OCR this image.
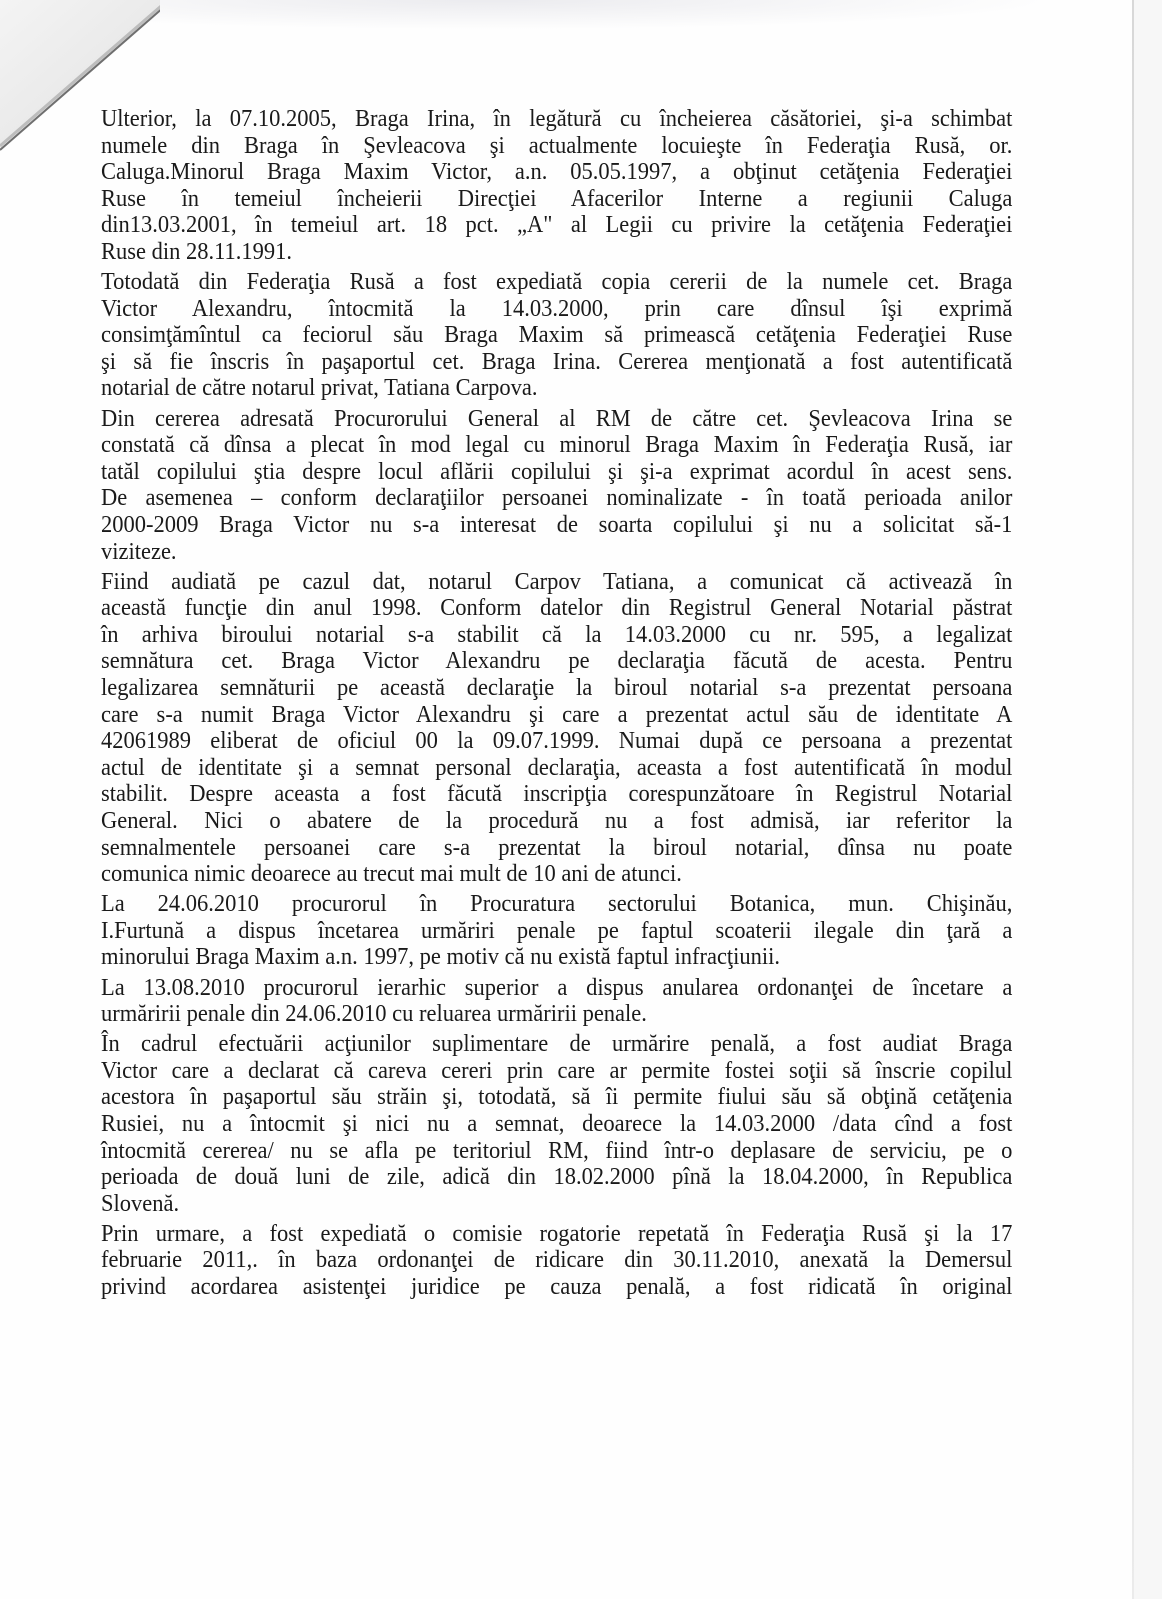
Ulterior, la 07.10.2005, Braga Irina, în legătură cu încheierea căsătoriei, şi-a schimbat
numele din Braga în Şevleacova şi actualmente locuieşte în Federaţia Rusă, or.
Caluga.Minorul Braga Maxim Victor, a.n. 05.05.1997, a obţinut cetăţenia Federaţiei
Ruse în temeiul încheierii Direcţiei Afacerilor Interne a regiunii Caluga
din13.03.2001, în temeiul art. 18 pct. „A" al Legii cu privire la cetăţenia Federaţiei
Ruse din 28.11.1991.
Totodată din Federaţia Rusă a fost expediată copia cererii de la numele cet. Braga
Victor Alexandru, întocmită la 14.03.2000, prin care dînsul îşi exprimă
consimţămîntul ca feciorul său Braga Maxim să primească cetăţenia Federaţiei Ruse
şi să fie înscris în paşaportul cet. Braga Irina. Cererea menţionată a fost autentificată
notarial de către notarul privat, Tatiana Carpova.
Din cererea adresată Procurorului General al RM de către cet. Şevleacova Irina se
constată că dînsa a plecat în mod legal cu minorul Braga Maxim în Federaţia Rusă, iar
tatăl copilului ştia despre locul aflării copilului şi şi-a exprimat acordul în acest sens.
De asemenea – conform declaraţiilor persoanei nominalizate - în toată perioada anilor
2000-2009 Braga Victor nu s-a interesat de soarta copilului şi nu a solicitat să-1
viziteze.
Fiind audiată pe cazul dat, notarul Carpov Tatiana, a comunicat că activează în
această funcţie din anul 1998. Conform datelor din Registrul General Notarial păstrat
în arhiva biroului notarial s-a stabilit că la 14.03.2000 cu nr. 595, a legalizat
semnătura cet. Braga Victor Alexandru pe declaraţia făcută de acesta. Pentru
legalizarea semnăturii pe această declaraţie la biroul notarial s-a prezentat persoana
care s-a numit Braga Victor Alexandru şi care a prezentat actul său de identitate A
42061989 eliberat de oficiul 00 la 09.07.1999. Numai după ce persoana a prezentat
actul de identitate şi a semnat personal declaraţia, aceasta a fost autentificată în modul
stabilit. Despre aceasta a fost făcută inscripţia corespunzătoare în Registrul Notarial
General. Nici o abatere de la procedură nu a fost admisă, iar referitor la
semnalmentele persoanei care s-a prezentat la biroul notarial, dînsa nu poate
comunica nimic deoarece au trecut mai mult de 10 ani de atunci.
La 24.06.2010 procurorul în Procuratura sectorului Botanica, mun. Chişinău,
I.Furtună a dispus încetarea urmăriri penale pe faptul scoaterii ilegale din ţară a
minorului Braga Maxim a.n. 1997, pe motiv că nu există faptul infracţiunii.
La 13.08.2010 procurorul ierarhic superior a dispus anularea ordonanţei de încetare a
urmăririi penale din 24.06.2010 cu reluarea urmăririi penale.
În cadrul efectuării acţiunilor suplimentare de urmărire penală, a fost audiat Braga
Victor care a declarat că careva cereri prin care ar permite fostei soţii să înscrie copilul
acestora în paşaportul său străin şi, totodată, să îi permite fiului său să obţină cetăţenia
Rusiei, nu a întocmit şi nici nu a semnat, deoarece la 14.03.2000 /data cînd a fost
întocmită cererea/ nu se afla pe teritoriul RM, fiind într-o deplasare de serviciu, pe o
perioada de două luni de zile, adică din 18.02.2000 pînă la 18.04.2000, în Republica
Slovenă.
Prin urmare, a fost expediată o comisie rogatorie repetată în Federaţia Rusă şi la 17
februarie 2011,. în baza ordonanţei de ridicare din 30.11.2010, anexată la Demersul
privind acordarea asistenţei juridice pe cauza penală, a fost ridicată în original
